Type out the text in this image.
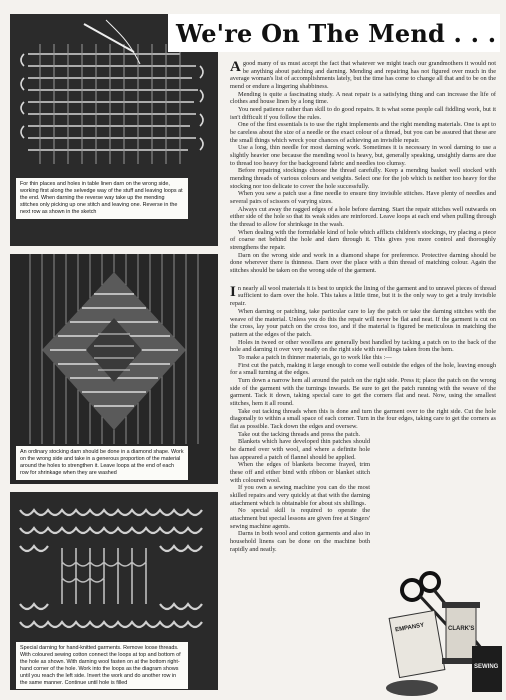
For thin places and holes in table linen darn on the wrong side, working first along the selvedge way of the stuff and leaving loops at the end. When darning the reverse way take up the mending stitches only picking up one stitch and leaving one. Reverse in the next row as shown in the sketch
An ordinary stocking darn should be done in a diamond shape. Work on the wrong side and take in a generous proportion of the material around the holes to strengthen it. Leave loops at the end of each row for shrinkage when they are washed
Special darning for hand-knitted garments. Remove loose threads. With coloured sewing cotton connect the loops at top and bottom of the hole as shown. With darning wool fasten on at the bottom right-hand corner of the hole. Work into the loops as the diagram shows until you reach the left side. Invert the work and do another row in the same manner. Continue until hole is filled
We're On The Mend . . .

Agood many of us must accept the fact that whatever we might teach our grandmothers it would not be anything about patching and darning. Mending and repairing has not figured over much in the average woman's list of accomplishments lately, but the time has come to change all that and to be on the mend or endure a lingering shabbiness.

Mending is quite a fascinating study. A neat repair is a satisfying thing and can increase the life of clothes and house linen by a long time.

You need patience rather than skill to do good repairs. It is what some people call fiddling work, but it isn't difficult if you follow the rules.

One of the first essentials is to use the right implements and the right mending materials. One is apt to be careless about the size of a needle or the exact colour of a thread, but you can be assured that these are the small things which wreck your chances of achieving an invisible repair.

Use a long, thin needle for most darning work. Sometimes it is necessary in wool darning to use a slightly heavier one because the mending wool is heavy, but, generally speaking, unsightly darns are due to thread too heavy for the background fabric and needles too clumsy.

Before repairing stockings choose the thread carefully. Keep a mending basket well stocked with mending threads of various colours and weights. Select one for the job which is neither too heavy for the stocking nor too delicate to cover the hole successfully.

When you sew a patch use a fine needle to ensure tiny invisible stitches. Have plenty of needles and several pairs of scissors of varying sizes.

Always cut away the ragged edges of a hole before darning. Start the repair stitches well outwards on either side of the hole so that its weak sides are reinforced. Leave loops at each end when pulling through the thread to allow for shrinkage in the wash.

When dealing with the formidable kind of hole which afflicts children's stockings, try placing a piece of coarse net behind the hole and darn through it. This gives you more control and thoroughly strengthens the repair.

Darn on the wrong side and work in a diamond shape for preference. Protective darning should be done wherever there is thinness. Darn over the place with a thin thread of matching colour. Again the stitches should be taken on the wrong side of the garment.

In nearly all wool materials it is best to unpick the lining of the garment and to unravel pieces of thread sufficient to darn over the hole. This takes a little time, but it is the only way to get a truly invisible repair.

When darning or patching, take particular care to lay the patch or take the darning stitches with the weave of the material. Unless you do this the repair will never be flat and neat. If the garment is cut on the cross, lay your patch on the cross too, and if the material is figured be meticulous in matching the pattern at the edges of the patch.

Holes in tweed or other woollens are generally best handled by tacking a patch on to the back of the hole and darning it over very neatly on the right side with ravellings taken from the hem.

To make a patch in thinner materials, go to work like this :—

First cut the patch, making it large enough to come well outside the edges of the hole, leaving enough for a small turning at the edges.

Turn down a narrow hem all around the patch on the right side. Press it; place the patch on the wrong side of the garment with the turnings inwards. Be sure to get the patch running with the weave of the garment. Tack it down, taking special care to get the corners flat and neat. Now, using the smallest stitches, hem it all round.

Take out tacking threads when this is done and turn the garment over to the right side. Cut the hole diagonally to within a small space of each corner. Turn in the four edges, taking care to get the corners as flat as possible. Tack down the edges and oversew.

Take out the tacking threads and press the patch.

Blankets which have developed thin patches should be darned over with wool, and where a definite hole has appeared a patch of flannel should be applied.

When the edges of blankets become frayed, trim these off and either bind with ribbon or blanket stitch with coloured wool.

If you own a sewing machine you can do the most skilled repairs and very quickly at that with the darning attachment which is obtainable for about six shillings.

No special skill is required to operate the attachment but special lessons are given free at Singers' sewing machine agents.

Darns in both wool and cotton garments and also in household linens can be done on the machine both rapidly and neatly.

EMPANSY	CLARK'S
SEWING
